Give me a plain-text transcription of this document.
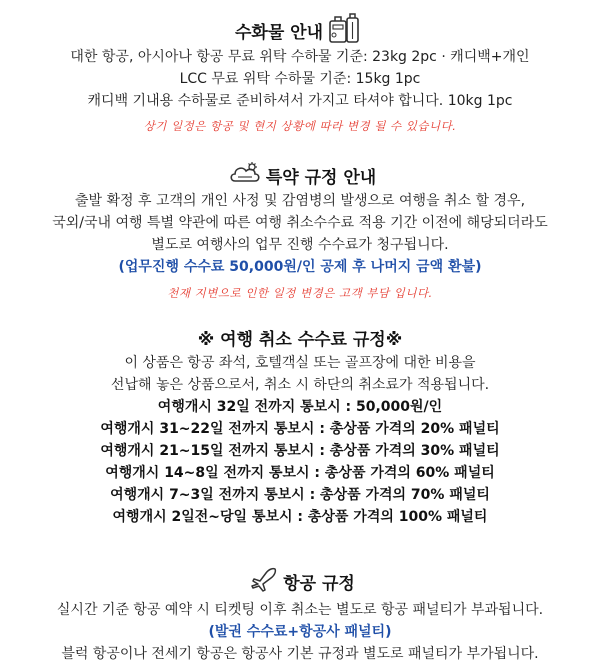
수화물 안내
대한 항공, 아시아나 항공 무료 위탁 수하물 기준: 23kg 2pc · 캐디백+개인
LCC 무료 위탁 수하물 기준: 15kg 1pc
캐디백 기내용 수하물로 준비하셔서 가지고 타셔야 합니다. 10kg 1pc
상기 일정은 항공 및 현지 상황에 따라 변경 될 수 있습니다.
특약 규정 안내
출발 확정 후 고객의 개인 사정 및 감염병의 발생으로 여행을 취소 할 경우,
국외/국내 여행 특별 약관에 따른 여행 취소수수료 적용 기간 이전에 해당되더라도
별도로 여행사의 업무 진행 수수료가 청구됩니다.
(업무진행 수수료 50,000원/인 공제 후 나머지 금액 환불)
천재 지변으로 인한 일정 변경은 고객 부담 입니다.
※ 여행 취소 수수료 규정※
이 상품은 항공 좌석, 호텔객실 또는 골프장에 대한 비용을
선납해 놓은 상품으로서, 취소 시 하단의 취소료가 적용됩니다.
여행개시 32일 전까지 통보시 : 50,000원/인
여행개시 31~22일 전까지 통보시 : 총상품 가격의 20% 패널티
여행개시 21~15일 전까지 통보시 : 총상품 가격의 30% 패널티
여행개시 14~8일 전까지 통보시 : 총상품 가격의 60% 패널티
여행개시 7~3일 전까지 통보시 : 총상품 가격의 70% 패널티
여행개시 2일전~당일 통보시 : 총상품 가격의 100% 패널티
항공 규정
실시간 기준 항공 예약 시 티켓팅 이후 취소는 별도로 항공 패널티가 부과됩니다.
(발권 수수료+항공사 패널티)
블럭 항공이나 전세기 항공은 항공사 기본 규정과 별도로 패널티가 부가됩니다.
